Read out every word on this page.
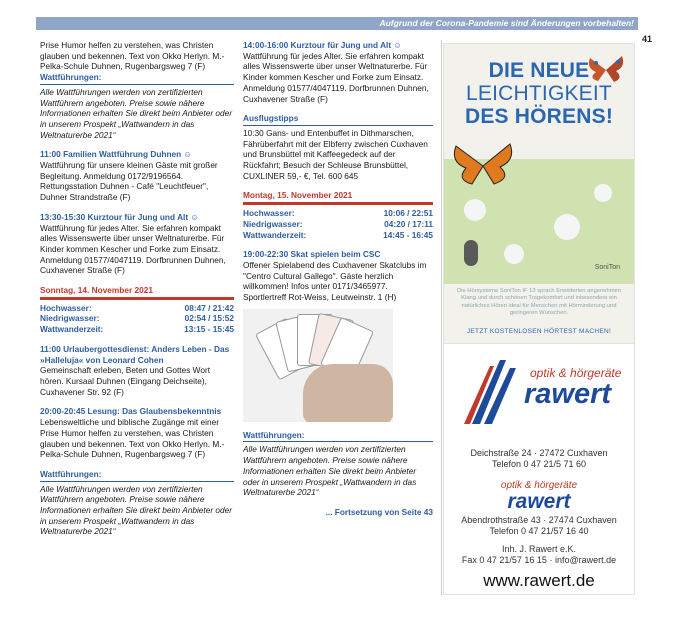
Aufgrund der Corona-Pandemie sind Änderungen vorbehalten!
41

Prise Humor helfen zu verstehen, was Christen glauben und bekennen. Text von Okko Herlyn. M.-Pelka-Schule Duhnen, Rugenbargsweg 7 (F)

Wattführungen:

Alle Wattführungen werden von zertifizierten Wattführern angeboten. Preise sowie nähere Informationen erhalten Sie direkt beim Anbieter oder in unserem Prospekt „Wattwandern in das Weltnaturerbe 2021“

11:00 Familien Wattführung Duhnen ☺

Wattführung für unsere kleinen Gäste mit großer Begleitung. Anmeldung 0172/9196564. Rettungsstation Duhnen - Café "Leuchtfeuer", Duhner Strandstraße (F)

13:30-15:30 Kurztour für Jung und Alt ☺

Wattführung für jedes Alter. Sie erfahren kompakt alles Wissenswerte über unser Weltnaturerbe. Für Kinder kommen Kescher und Forke zum Einsatz. Anmeldung 01577/4047119. Dorfbrunnen Duhnen, Cuxhavener Straße (F)

Sonntag, 14. November 2021
Hochwasser:	08:47 / 21:42
Niedrigwasser:	02:54 / 15:52
Wattwanderzeit:	13:15 - 15:45

11:00 Urlaubergottesdienst: Anders Leben - Das »Halleluja« von Leonard Cohen

Gemeinschaft erleben, Beten und Gottes Wort hören. Kursaal Duhnen (Eingang Deichseite), Cuxhavener Str. 92 (F)

20:00-20:45 Lesung: Das Glaubensbekenntnis

Lebensweltliche und biblische Zugänge mit einer Prise Humor helfen zu verstehen, was Christen glauben und bekennen. Text von Okko Herlyn. M.-Pelka-Schule Duhnen, Rugenbargsweg 7 (F)

Wattführungen:

Alle Wattführungen werden von zertifizierten Wattführern angeboten. Preise sowie nähere Informationen erhalten Sie direkt beim Anbieter oder in unserem Prospekt „Wattwandern in das Weltnaturerbe 2021“

14:00-16:00 Kurztour für Jung und Alt ☺

Wattführung für jedes Alter. Sie erfahren kompakt alles Wissenswerte über unser Weltnaturerbe. Für Kinder kommen Kescher und Forke zum Einsatz. Anmeldung 01577/4047119. Dorfbrunnen Duhnen, Cuxhavener Straße (F)

Ausflugstipps

10:30 Gans- und Entenbuffet in Dithmarschen, Fährüberfahrt mit der Elbferry zwischen Cuxhaven und Brunsbüttel mit Kaffeegedeck auf der Rückfahrt; Besuch der Schleuse Brunsbüttel, CUXLINER 59,- €, Tel. 600 645

Montag, 15. November 2021
Hochwasser:	10:06 / 22:51
Niedrigwasser:	04:20 / 17:11
Wattwanderzeit:	14:45 - 16:45

19:00-22:30 Skat spielen beim CSC

Offener Spielabend des Cuxhavener Skatclubs im "Centro Cultural Gallego". Gäste herzlich willkommen! Infos unter 0171/3465977. Sportlertreff Rot-Weiss, Leutweinstr. 1 (H)

Wattführungen:

Alle Wattführungen werden von zertifizierten Wattführern angeboten. Preise sowie nähere Informationen erhalten Sie direkt beim Anbieter oder in unserem Prospekt „Wattwandern in das Weltnaturerbe 2021“

... Fortsetzung von Seite 43
DIE NEUE
LEICHTIGKEIT
DES HÖRENS!
SoniTon
Die Hörsysteme SoniTon IF 13 sprach Erweiterten angenehmen Klang und durch schönen Tragekomfort und inbesondere ein natürliches Hören ideal für Menschen mit Hörminderung und geringeren Wünschen.
JETZT KOSTENLOSEN HÖRTEST MACHEN!
optik & hörgeräte
rawert
Deichstraße 24 · 27472 Cuxhaven
Telefon 0 47 21/5 71 60
optik & hörgeräte
rawert
Abendrothstraße 43 · 27474 Cuxhaven
Telefon 0 47 21/57 16 40
Inh. J. Rawert e.K.
Fax 0 47 21/57 16 15 · info@rawert.de
www.rawert.de
